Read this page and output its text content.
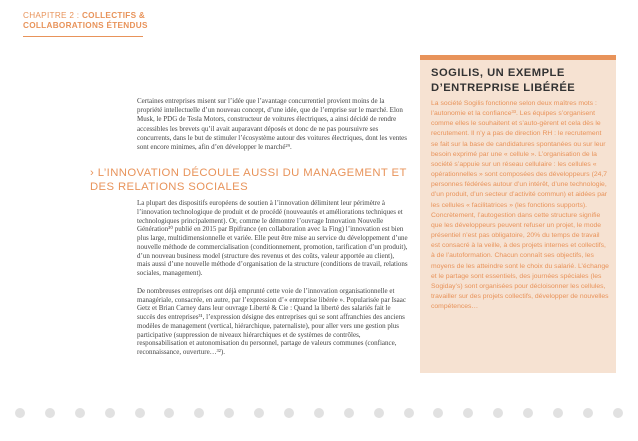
CHAPITRE 2 : COLLECTIFS &
COLLABORATIONS ÉTENDUS

Certaines entreprises misent sur l’idée que l’avantage concurrentiel provient moins de la propriété intellectuelle d’un nouveau concept, d’une idée, que de l’emprise sur le marché. Elon Musk, le PDG de Tesla Motors, constructeur de voitures électriques, a ainsi décidé de rendre accessibles les brevets qu’il avait auparavant déposés et donc de ne pas poursuivre ses concurrents, dans le but de stimuler l’écosystème autour des voitures électriques, dont les ventes sont encore minimes, afin d’en développer le marché²⁹.

› L’INNOVATION DÉCOULE AUSSI DU MANAGEMENT ET DES RELATIONS SOCIALES

La plupart des dispositifs européens de soutien à l’innovation délimitent leur périmètre à l’innovation technologique de produit et de procédé (nouveautés et améliorations techniques et technologiques principalement). Or, comme le démontre l’ouvrage Innovation Nouvelle Génération³⁰ publié en 2015 par Bpifrance (en collaboration avec la Fing) l’innovation est bien plus large, multidimensionnelle et variée. Elle peut être mise au service du développement d’une nouvelle méthode de commercialisation (conditionnement, promotion, tarification d’un produit), d’un nouveau business model (structure des revenus et des coûts, valeur apportée au client), mais aussi d’une nouvelle méthode d’organisation de la structure (conditions de travail, relations sociales, management).

De nombreuses entreprises ont déjà emprunté cette voie de l’innovation organisationnelle et managériale, consacrée, en autre, par l’expression d’« entreprise libérée ». Popularisée par Isaac Getz et Brian Carney dans leur ouvrage Liberté & Cie : Quand la liberté des salariés fait le succès des entreprises³¹, l’expression désigne des entreprises qui se sont affranchies des anciens modèles de management (vertical, hiérarchique, paternaliste), pour aller vers une gestion plus participative (suppression de niveaux hiérarchiques et de systèmes de contrôles, responsabilisation et autonomisation du personnel, partage de valeurs communes (confiance, reconnaissance, ouverture…³²).

SOGILIS, UN EXEMPLE D’ENTREPRISE LIBÉRÉE

La société Sogilis fonctionne selon deux maîtres mots : l’autonomie et la confiance³³. Les équipes s’organisent comme elles le souhaitent et s’auto-gèrent et cela dès le recrutement. Il n’y a pas de direction RH : le recrutement se fait sur la base de candidatures spontanées ou sur leur besoin exprimé par une « cellule ». L’organisation de la société s’appuie sur un réseau cellulaire : les cellules « opérationnelles » sont composées des développeurs (24,7 personnes fédérées autour d’un intérêt, d’une technologie, d’un produit, d’un secteur d’activité commun) et aidées par les cellules « facilitatrices » (les fonctions supports). Concrètement, l’autogestion dans cette structure signifie que les développeurs peuvent refuser un projet, le mode présentiel n’est pas obligatoire, 20% du temps de travail est consacré à la veille, à des projets internes et collectifs, à de l’autoformation. Chacun connaît ses objectifs, les moyens de les atteindre sont le choix du salarié. L’échange et le partage sont essentiels, des journées spéciales (les Sogiday’s) sont organisées pour décloisonner les cellules, travailler sur des projets collectifs, développer de nouvelles compétences…
